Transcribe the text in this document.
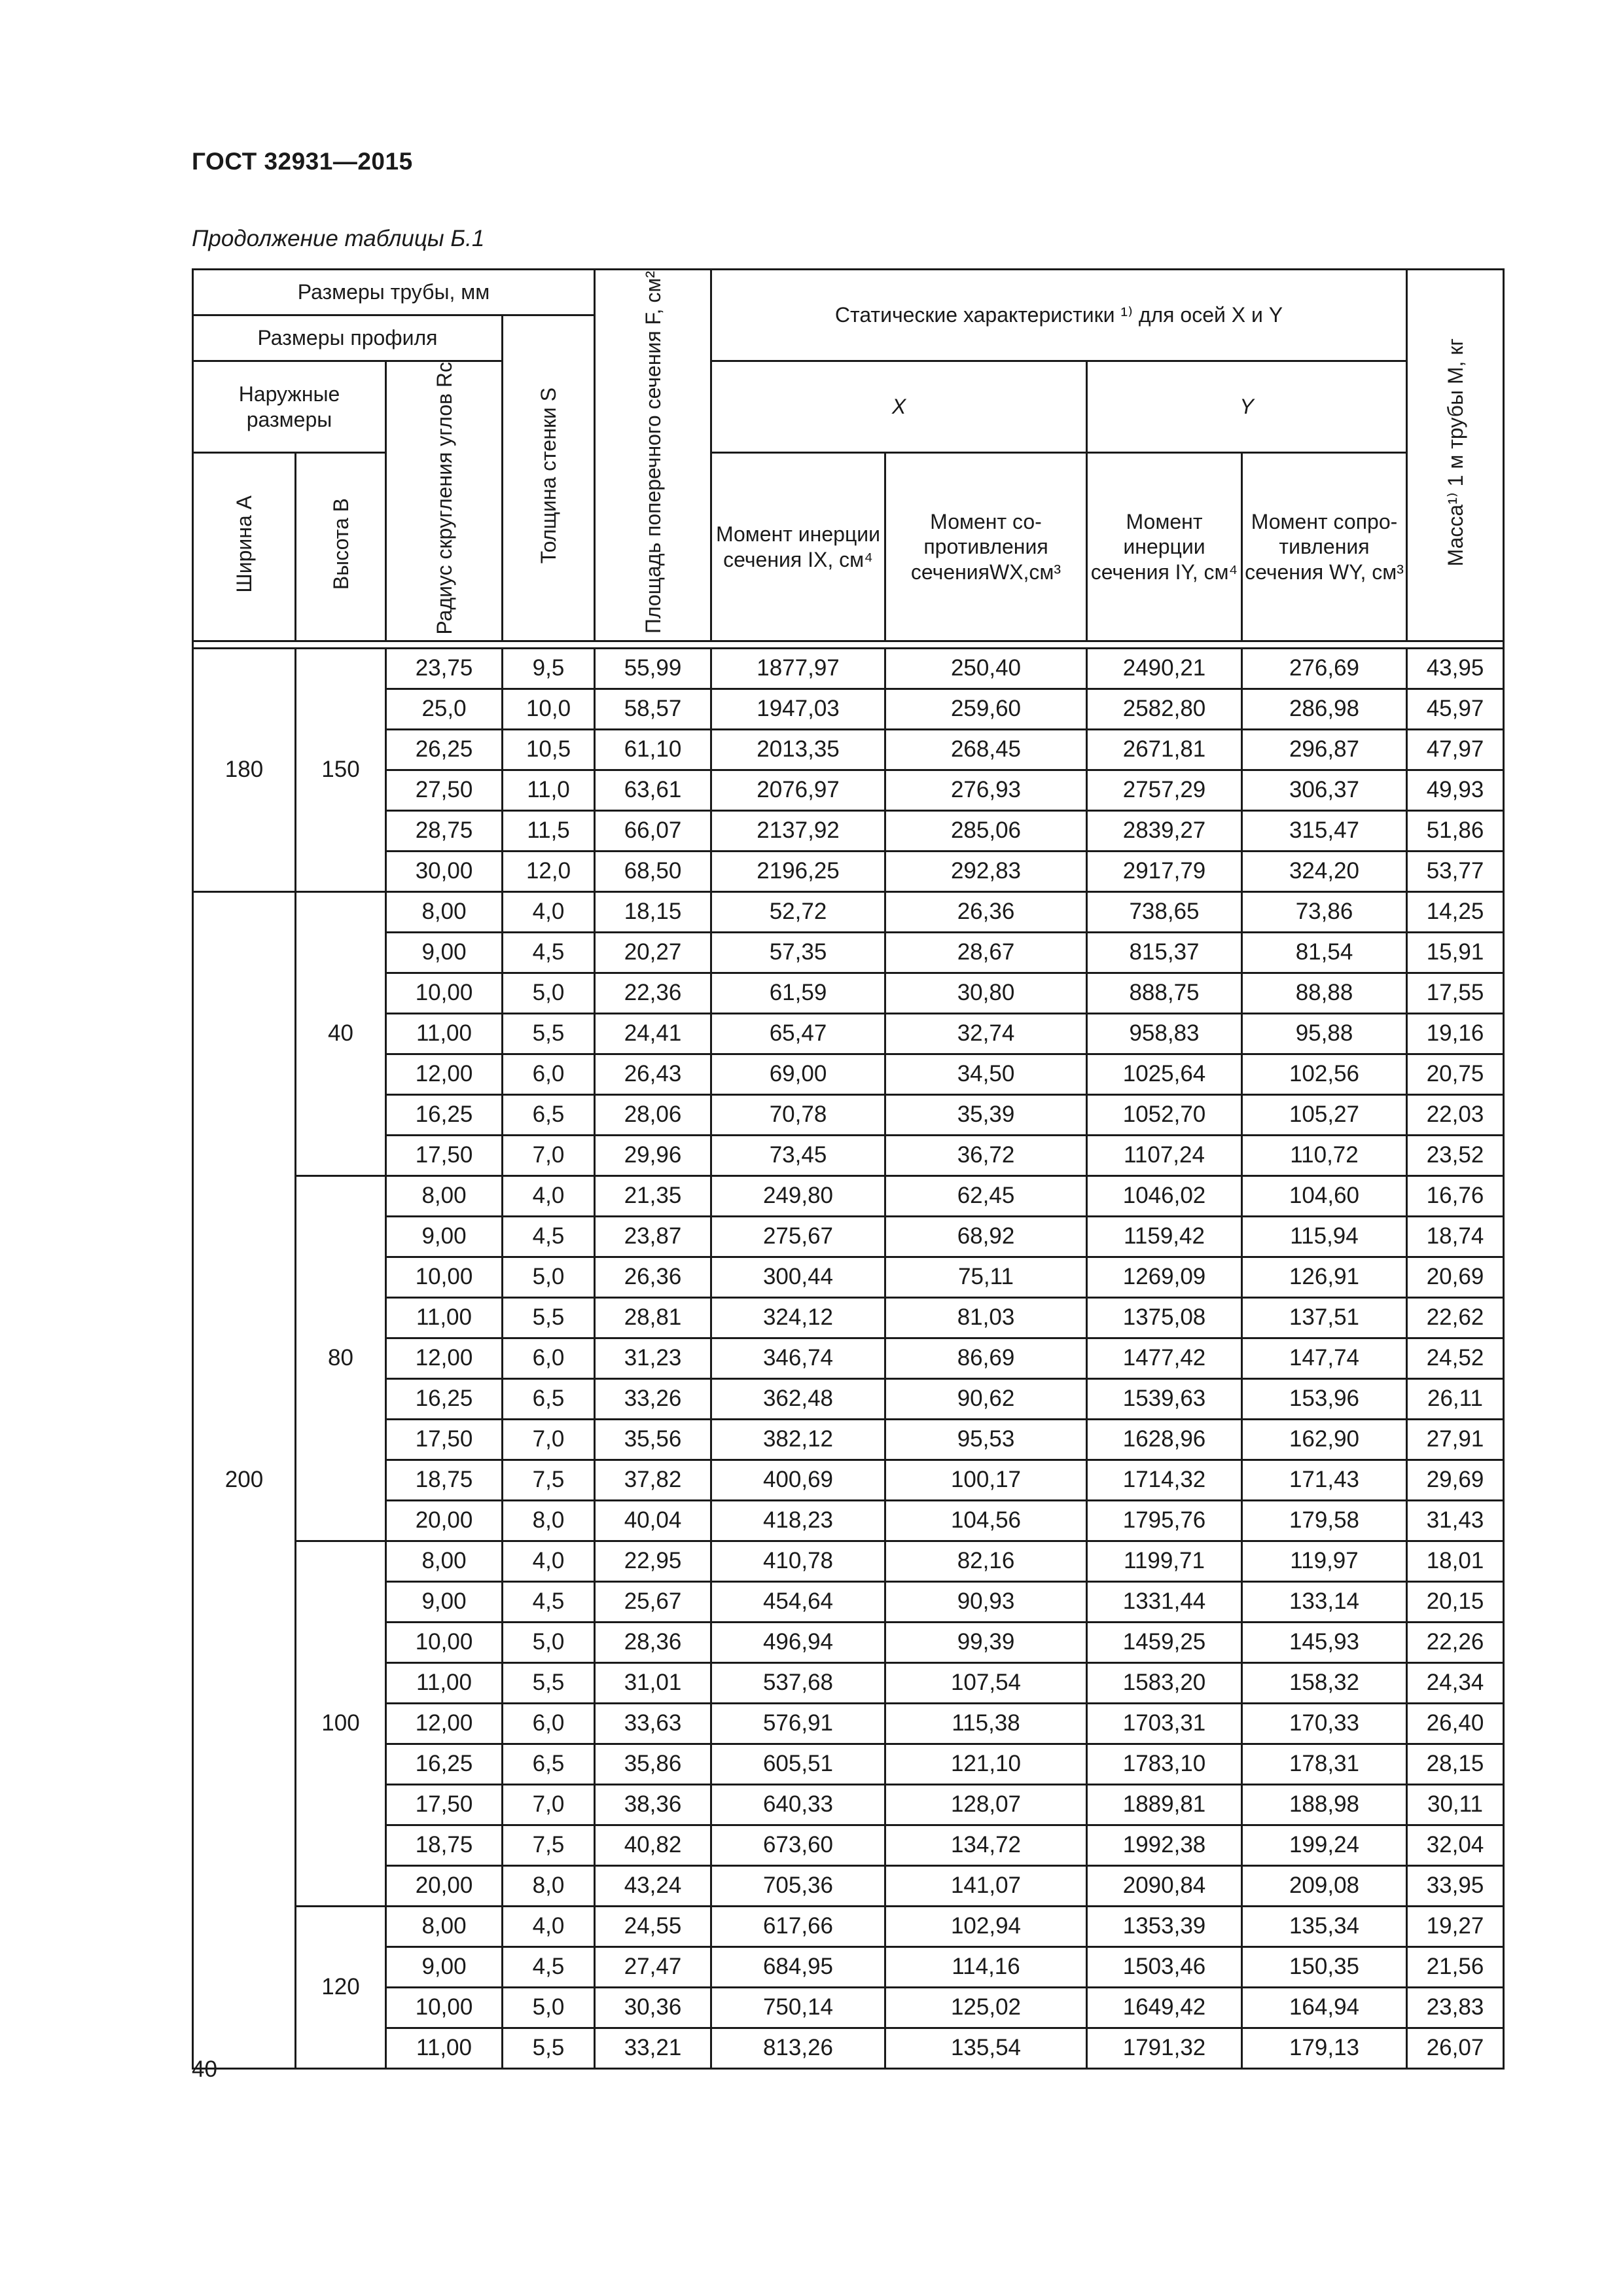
ГОСТ 32931—2015
Продолжение таблицы Б.1
Размеры трубы, мм				Площадь поперечного сечения F, см²	Статические характеристики ¹⁾ для осей X и Y				Масса¹⁾ 1 м трубы M, кг
Размеры профиля			Толщина стенки S						
Наружные размеры		Радиус скругления углов Rс			X		Y		
Ширина A	Высота B				Момент инерции сечения IX, см⁴	Момент со-противления сеченияWX,см³	Момент инерции сечения IY, см⁴	Момент сопро-тивления сечения WY, см³	

180	150	23,75	9,5	55,99	1877,97	250,40	2490,21	276,69	43,95
		25,0	10,0	58,57	1947,03	259,60	2582,80	286,98	45,97
		26,25	10,5	61,10	2013,35	268,45	2671,81	296,87	47,97
		27,50	11,0	63,61	2076,97	276,93	2757,29	306,37	49,93
		28,75	11,5	66,07	2137,92	285,06	2839,27	315,47	51,86
		30,00	12,0	68,50	2196,25	292,83	2917,79	324,20	53,77
200	40	8,00	4,0	18,15	52,72	26,36	738,65	73,86	14,25
		9,00	4,5	20,27	57,35	28,67	815,37	81,54	15,91
		10,00	5,0	22,36	61,59	30,80	888,75	88,88	17,55
		11,00	5,5	24,41	65,47	32,74	958,83	95,88	19,16
		12,00	6,0	26,43	69,00	34,50	1025,64	102,56	20,75
		16,25	6,5	28,06	70,78	35,39	1052,70	105,27	22,03
		17,50	7,0	29,96	73,45	36,72	1107,24	110,72	23,52
	80	8,00	4,0	21,35	249,80	62,45	1046,02	104,60	16,76
		9,00	4,5	23,87	275,67	68,92	1159,42	115,94	18,74
		10,00	5,0	26,36	300,44	75,11	1269,09	126,91	20,69
		11,00	5,5	28,81	324,12	81,03	1375,08	137,51	22,62
		12,00	6,0	31,23	346,74	86,69	1477,42	147,74	24,52
		16,25	6,5	33,26	362,48	90,62	1539,63	153,96	26,11
		17,50	7,0	35,56	382,12	95,53	1628,96	162,90	27,91
		18,75	7,5	37,82	400,69	100,17	1714,32	171,43	29,69
		20,00	8,0	40,04	418,23	104,56	1795,76	179,58	31,43
	100	8,00	4,0	22,95	410,78	82,16	1199,71	119,97	18,01
		9,00	4,5	25,67	454,64	90,93	1331,44	133,14	20,15
		10,00	5,0	28,36	496,94	99,39	1459,25	145,93	22,26
		11,00	5,5	31,01	537,68	107,54	1583,20	158,32	24,34
		12,00	6,0	33,63	576,91	115,38	1703,31	170,33	26,40
		16,25	6,5	35,86	605,51	121,10	1783,10	178,31	28,15
		17,50	7,0	38,36	640,33	128,07	1889,81	188,98	30,11
		18,75	7,5	40,82	673,60	134,72	1992,38	199,24	32,04
		20,00	8,0	43,24	705,36	141,07	2090,84	209,08	33,95
	120	8,00	4,0	24,55	617,66	102,94	1353,39	135,34	19,27
		9,00	4,5	27,47	684,95	114,16	1503,46	150,35	21,56
		10,00	5,0	30,36	750,14	125,02	1649,42	164,94	23,83
		11,00	5,5	33,21	813,26	135,54	1791,32	179,13	26,07
40
